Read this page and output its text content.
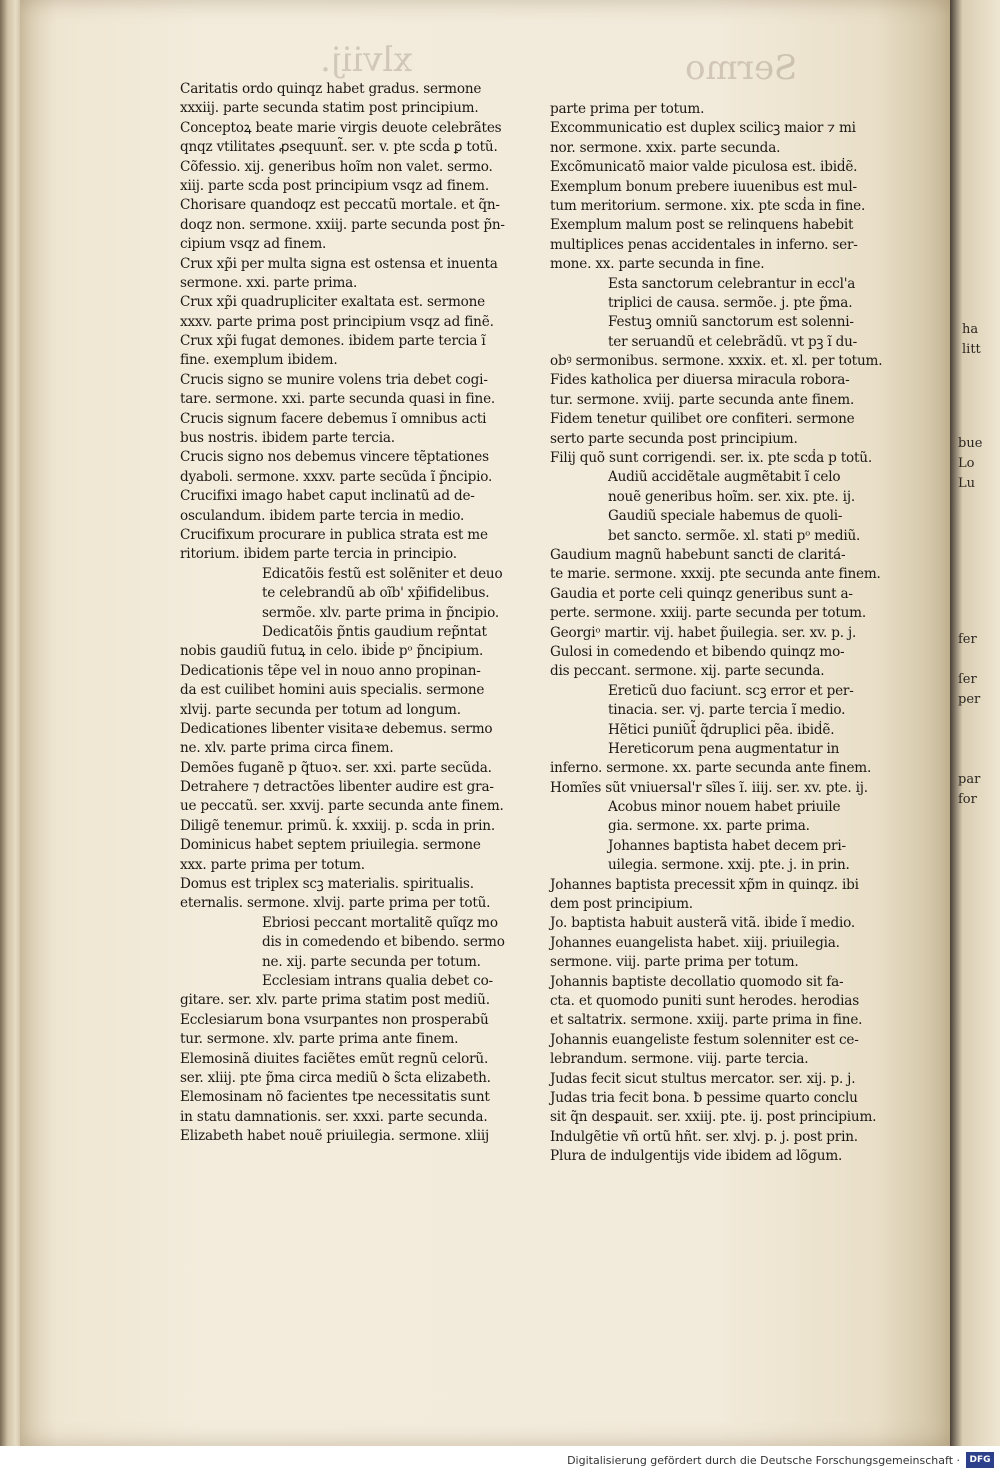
xlviij.	Sermo
Caritatis ordo quinqz habet gradus. sermone
xxxiij. parte secunda statim post principium.
Conceptoꝝ beate marie virgis deuote celebrãtes
qnqz vtilitates ꝓsequunt̃. ser. v. pte scḋa ꝑ totũ.
Cõfessio. xij. generibus hoĩm non valet. sermo.
xiij. parte scḋa post principium vsqz ad finem.
Chorisare quandoqz est peccatũ mortale. et q̃n-
doqz non. sermone. xxiij. parte secunda post p̃n-
cipium vsqz ad finem.
Crux xp̃i per multa signa est ostensa et inuenta
sermone. xxi. parte prima.
Crux xp̃i quadrupliciter exaltata est. sermone
xxxv. parte prima post principium vsqz ad finẽ.
Crux xp̃i fugat demones. ibidem parte tercia ĩ
fine. exemplum ibidem.
Crucis signo se munire volens tria debet cogi-
tare. sermone. xxi. parte secunda quasi in fine.
Crucis signum facere debemus ĩ omnibus acti
bus nostris. ibidem parte tercia.
Crucis signo nos debemus vincere tẽptationes
dyaboli. sermone. xxxv. parte secũda ĩ p̃ncipio.
Crucifixi imago habet caput inclinatũ ad de-
osculandum. ibidem parte tercia in medio.
Crucifixum procurare in publica strata est me
ritorium. ibidem parte tercia in principio.
Edicatõis festũ est solẽniter et deuo
te celebrandũ ab oĩb' xp̃ifidelibus.
sermõe. xlv. parte prima in p̃ncipio.
Dedicatõis p̃ntis gaudium rep̃ntat
nobis gaudiũ futuꝝ in celo. ibiḋe pᵒ p̃ncipium.
Dedicationis tẽpe vel in nouo anno propinan-
da est cuilibet homini auis specialis. sermone
xlvij. parte secunda per totum ad longum.
Dedicationes libenter visitaꝛe debemus. sermo
ne. xlv. parte prima circa finem.
Demões fuganẽ p q̃tuoꝛ. ser. xxi. parte secũda.
Detrahere ⁊ detractões libenter audire est gra-
ue peccatũ. ser. xxvij. parte secunda ante finem.
Diligẽ tenemur. primũ. ḱ. xxxiij. p. scḋa in prin.
Dominicus habet septem priuilegia. sermone
xxx. parte prima per totum.
Domus est triplex scꝫ materialis. spiritualis.
eternalis. sermone. xlvij. parte prima per totũ.
Ebriosi peccant mortalitẽ quĩqz mo
dis in comedendo et bibendo. sermo
ne. xij. parte secunda per totum.
Ecclesiam intrans qualia debet co-
gitare. ser. xlv. parte prima statim post mediũ.
Ecclesiarum bona vsurpantes non prosperabũ
tur. sermone. xlv. parte prima ante finem.
Elemosinã diuites faciẽtes emũt regnũ celorũ.
ser. xliij. pte p̃ma circa mediũ ꝺ s̃cta elizabeth.
Elemosinam nõ facientes tpe necessitatis sunt
in statu damnationis. ser. xxxi. parte secunda.
Elizabeth habet nouẽ priuilegia. sermone. xliij
parte prima per totum.
Excommunicatio est duplex scilicꝫ maior ⁊ mi
nor. sermone. xxix. parte secunda.
Excõmunicatõ maior valde piculosa est. ibiḋẽ.
Exemplum bonum prebere iuuenibus est mul-
tum meritorium. sermone. xix. pte scḋa in fine.
Exemplum malum post se relinquens habebit
multiplices penas accidentales in inferno. ser-
mone. xx. parte secunda in fine.
Esta sanctorum celebrantur in eccl'a
triplici de causa. sermõe. j. pte p̃ma.
Festuꝫ omniũ sanctorum est solenni-
ter seruandũ et celebrãdũ. vt pꝫ ĩ du-
obꝰ sermonibus. sermone. xxxix. et. xl. per totum.
Fides katholica per diuersa miracula robora-
tur. sermone. xviij. parte secunda ante finem.
Fidem tenetur quilibet ore confiteri. sermone
serto parte secunda post principium.
Filij quõ sunt corrigendi. ser. ix. pte scḋa p totũ.
Audiũ accidẽtale augmẽtabit ĩ celo
nouẽ generibus hoĩm. ser. xix. pte. ij.
Gaudiũ speciale habemus de quoli-
bet sancto. sermõe. xl. stati pᵒ mediũ.
Gaudium magnũ habebunt sancti de claritá-
te marie. sermone. xxxij. pte secunda ante finem.
Gaudia et porte celi quinqz generibus sunt a-
perte. sermone. xxiij. parte secunda per totum.
Georgiᵒ martir. vij. habet p̃uilegia. ser. xv. p. j.
Gulosi in comedendo et bibendo quinqz mo-
dis peccant. sermone. xij. parte secunda.
Ereticũ duo faciunt. scꝫ error et per-
tinacia. ser. vj. parte tercia ĩ medio.
Hẽtici puniũt̃ q̃druplici pẽa. ibiḋẽ.
Hereticorum pena augmentatur in
inferno. sermone. xx. parte secunda ante finem.
Homĩes sũt vniuersal'r sĩles ĩ. iiij. ser. xv. pte. ij.
Acobus minor nouem habet priuile
gia. sermone. xx. parte prima.
Johannes baptista habet decem pri-
uilegia. sermone. xxij. pte. j. in prin.
Johannes baptista precessit xp̃m in quinqz. ibi
dem post principium.
Jo. baptista habuit austerã vitã. ibiḋe ĩ medio.
Johannes euangelista habet. xiij. priuilegia.
sermone. viij. parte prima per totum.
Johannis baptiste decollatio quomodo sit fa-
cta. et quomodo puniti sunt herodes. herodias
et saltatrix. sermone. xxiij. parte prima in fine.
Johannis euangeliste festum solenniter est ce-
lebrandum. sermone. viij. parte tercia.
Judas fecit sicut stultus mercator. ser. xij. p. j.
Judas tria fecit bona. ƀ pessime quarto conclu
sit q̃n desꝑauit. ser. xxiij. pte. ij. post principium.
Indulgẽtie vñ ortũ hñt. ser. xlvj. p. j. post prin.
Plura de indulgentijs vide ibidem ad lõgum.
ha
litt
bue
Lo
Lu
fer
ſer
per
par
for
Digitalisierung gefördert durch die Deutsche Forschungsgemeinschaft ·	DFG
